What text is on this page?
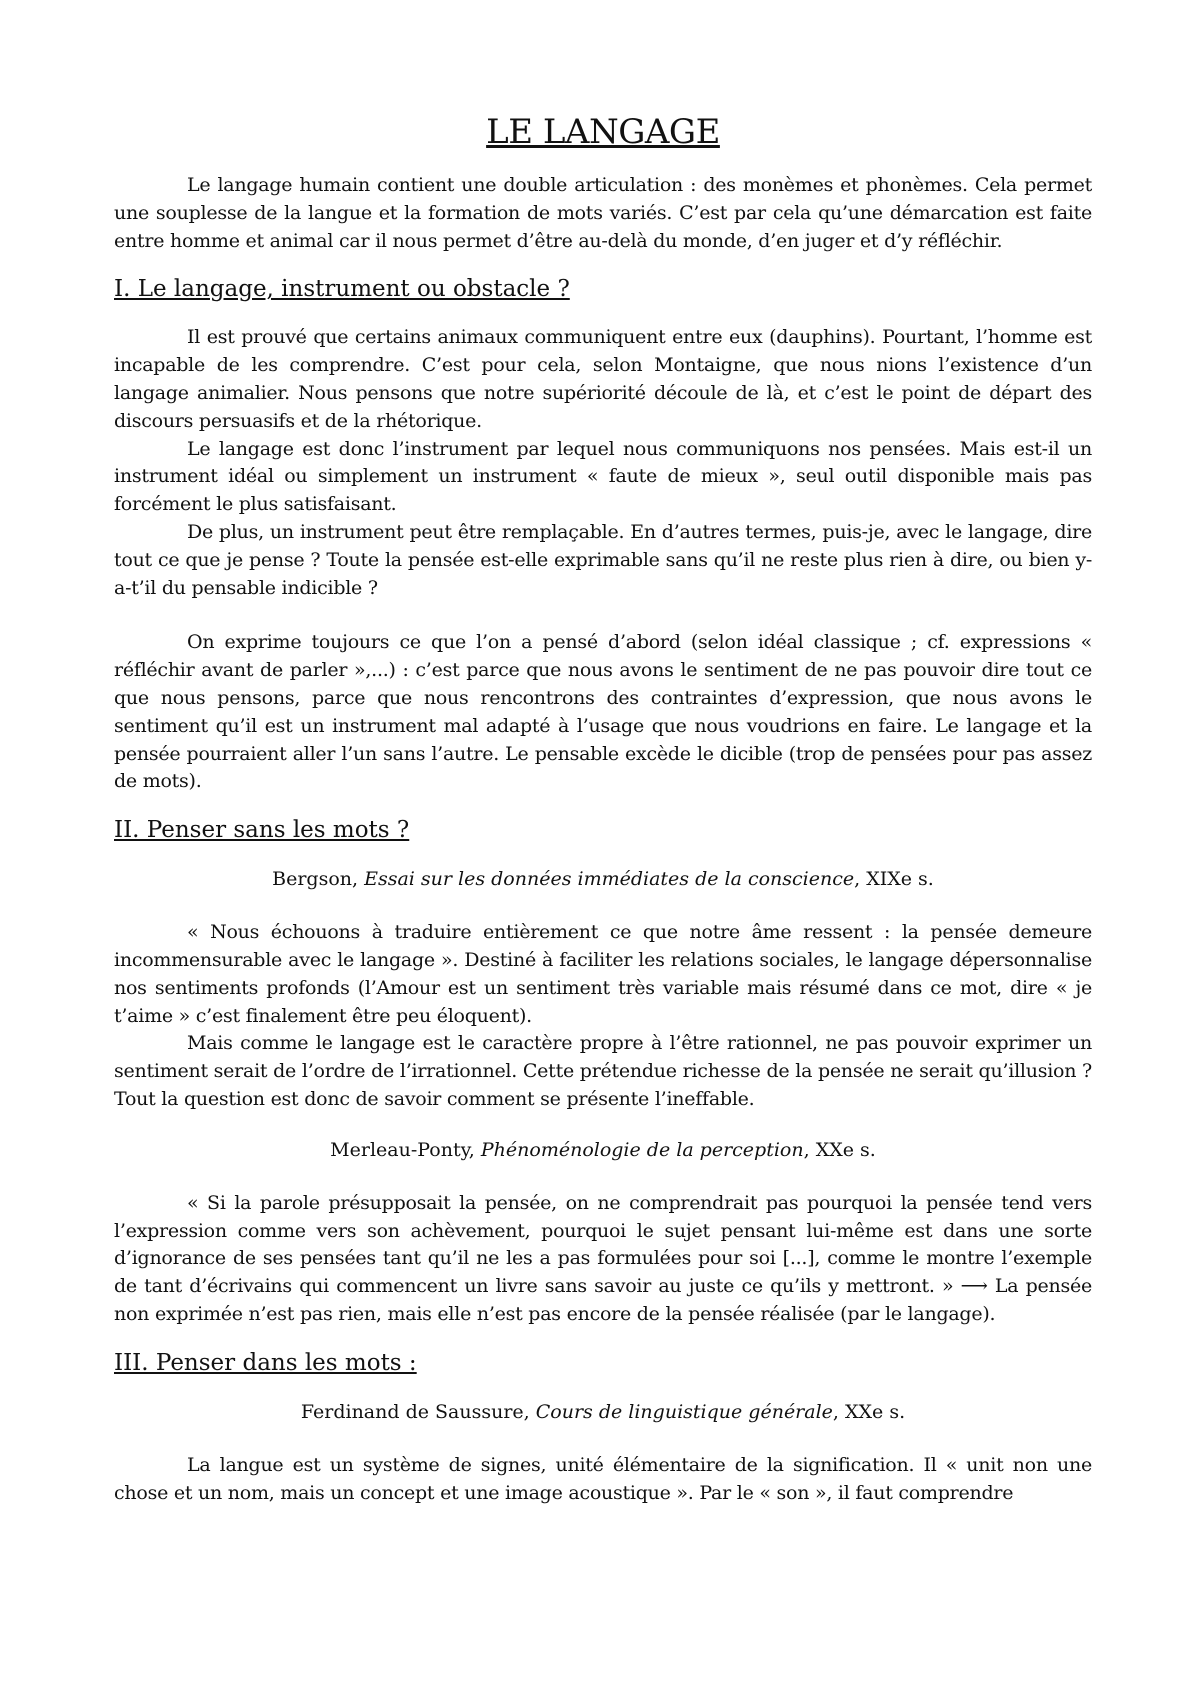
LE LANGAGE

Le langage humain contient une double articulation : des monèmes et phonèmes. Cela permet une souplesse de la langue et la formation de mots variés. C’est par cela qu’une démarcation est faite entre homme et animal car il nous permet d’être au-delà du monde, d’en juger et d’y réfléchir.

I. Le langage, instrument ou obstacle ?

Il est prouvé que certains animaux communiquent entre eux (dauphins). Pourtant, l’homme est incapable de les comprendre. C’est pour cela, selon Montaigne, que nous nions l’existence d’un langage animalier. Nous pensons que notre supériorité découle de là, et c’est le point de départ des discours persuasifs et de la rhétorique.

Le langage est donc l’instrument par lequel nous communiquons nos pensées. Mais est-il un instrument idéal ou simplement un instrument « faute de mieux », seul outil disponible mais pas forcément le plus satisfaisant.

De plus, un instrument peut être remplaçable. En d’autres termes, puis-je, avec le langage, dire tout ce que je pense ? Toute la pensée est-elle exprimable sans qu’il ne reste plus rien à dire, ou bien y-a-t’il du pensable indicible ?

On exprime toujours ce que l’on a pensé d’abord (selon idéal classique ; cf. expressions « réfléchir avant de parler »,...) : c’est parce que nous avons le sentiment de ne pas pouvoir dire tout ce que nous pensons, parce que nous rencontrons des contraintes d’expression, que nous avons le sentiment qu’il est un instrument mal adapté à l’usage que nous voudrions en faire. Le langage et la pensée pourraient aller l’un sans l’autre. Le pensable excède le dicible (trop de pensées pour pas assez de mots).

II. Penser sans les mots ?
Bergson, Essai sur les données immédiates de la conscience, XIXe s.

« Nous échouons à traduire entièrement ce que notre âme ressent : la pensée demeure incommensurable avec le langage ». Destiné à faciliter les relations sociales, le langage dépersonnalise nos sentiments profonds (l’Amour est un sentiment très variable mais résumé dans ce mot, dire « je t’aime » c’est finalement être peu éloquent).

Mais comme le langage est le caractère propre à l’être rationnel, ne pas pouvoir exprimer un sentiment serait de l’ordre de l’irrationnel. Cette prétendue richesse de la pensée ne serait qu’illusion ? Tout la question est donc de savoir comment se présente l’ineffable.

Merleau-Ponty, Phénoménologie de la perception, XXe s.

« Si la parole présupposait la pensée, on ne comprendrait pas pourquoi la pensée tend vers l’expression comme vers son achèvement, pourquoi le sujet pensant lui-même est dans une sorte d’ignorance de ses pensées tant qu’il ne les a pas formulées pour soi [...], comme le montre l’exemple de tant d’écrivains qui commencent un livre sans savoir au juste ce qu’ils y mettront. » ⟶ La pensée non exprimée n’est pas rien, mais elle n’est pas encore de la pensée réalisée (par le langage).

III. Penser dans les mots :
Ferdinand de Saussure, Cours de linguistique générale, XXe s.

La langue est un système de signes, unité élémentaire de la signification. Il « unit non une chose et un nom, mais un concept et une image acoustique ». Par le « son », il faut comprendre
